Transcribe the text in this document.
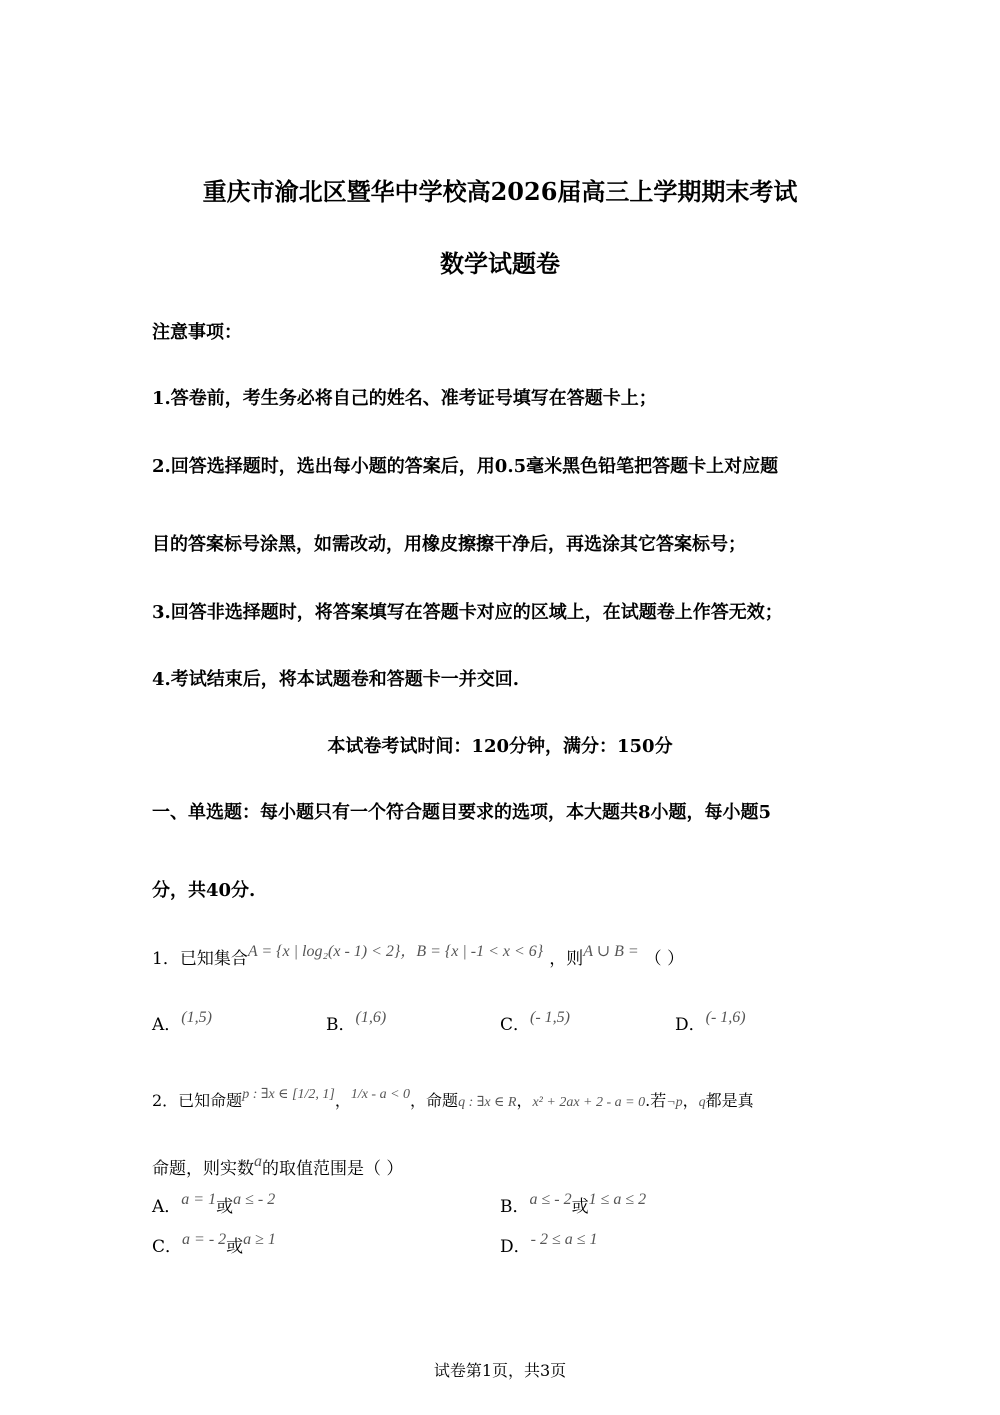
重庆市渝北区暨华中学校高2026届高三上学期期末考试
数学试题卷
注意事项：
1.答卷前，考生务必将自己的姓名、准考证号填写在答题卡上；
2.回答选择题时，选出每小题的答案后，用0.5毫米黑色铅笔把答题卡上对应题
目的答案标号涂黑，如需改动，用橡皮擦擦干净后，再选涂其它答案标号；
3.回答非选择题时，将答案填写在答题卡对应的区域上，在试题卷上作答无效；
4.考试结束后，将本试题卷和答题卡一并交回.
本试卷考试时间：120分钟，满分：150分
一、单选题：每小题只有一个符合题目要求的选项，本大题共8小题，每小题5
分，共40分.
1．已知集合A = {x | log₂(x - 1) < 2}，B = {x | -1 < x < 6} ，则A ∪ B = （ ）
A．(1,5)	B．(1,6)	C．(- 1,5)	D．(- 1,6)
2．已知命题p : ∃x ∈ [1/2, 1]，1/x - a < 0，命题q : ∃x ∈ R，x² + 2ax + 2 - a = 0.若¬p，q都是真
命题，则实数a的取值范围是（ ）
A．a = 1或a ≤ - 2	B．a ≤ - 2或1 ≤ a ≤ 2
C．a = - 2或a ≥ 1	D．- 2 ≤ a ≤ 1
试卷第1页，共3页
